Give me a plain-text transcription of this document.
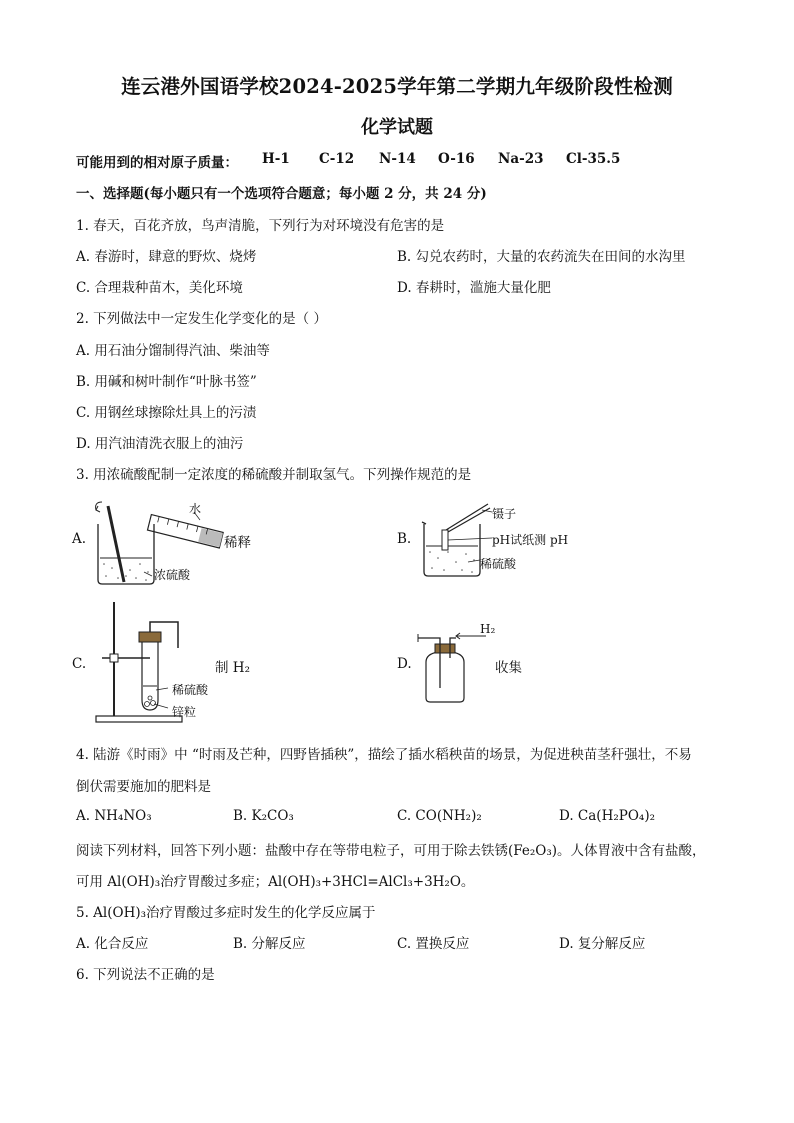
连云港外国语学校2024-2025学年第二学期九年级阶段性检测
化学试题
可能用到的相对原子质量： H-1 C-12 N-14 O-16 Na-23 Cl-35.5
一、选择题(每小题只有一个选项符合题意；每小题 2 分，共 24 分)
1. 春天，百花齐放，鸟声清脆，下列行为对环境没有危害的是
A. 春游时，肆意的野炊、烧烤	B. 勾兑农药时，大量的农药流失在田间的水沟里
C. 合理栽种苗木，美化环境	D. 春耕时，滥施大量化肥
2. 下列做法中一定发生化学变化的是（ ）
A. 用石油分馏制得汽油、柴油等
B. 用碱和树叶制作“叶脉书签”
C. 用钢丝球擦除灶具上的污渍
D. 用汽油清洗衣服上的油污
3. 用浓硫酸配制一定浓度的稀硫酸并制取氢气。下列操作规范的是
A.
水
稀释
浓硫酸
B.
镊子
pH试纸测 pH
稀硫酸
C.	制 H₂
稀硫酸
锌粒
D.
H₂
收集
4. 陆游《时雨》中 “时雨及芒种，四野皆插秧”，描绘了插水稻秧苗的场景，为促进秧苗茎秆强壮，不易
倒伏需要施加的肥料是
A. NH₄NO₃	B. K₂CO₃	C. CO(NH₂)₂	D. Ca(H₂PO₄)₂
阅读下列材料，回答下列小题：盐酸中存在等带电粒子，可用于除去铁锈(Fe₂O₃)。人体胃液中含有盐酸，
可用 Al(OH)₃治疗胃酸过多症；Al(OH)₃+3HCl=AlCl₃+3H₂O。
5. Al(OH)₃治疗胃酸过多症时发生的化学反应属于
A. 化合反应	B. 分解反应	C. 置换反应	D. 复分解反应
6. 下列说法不正确的是
